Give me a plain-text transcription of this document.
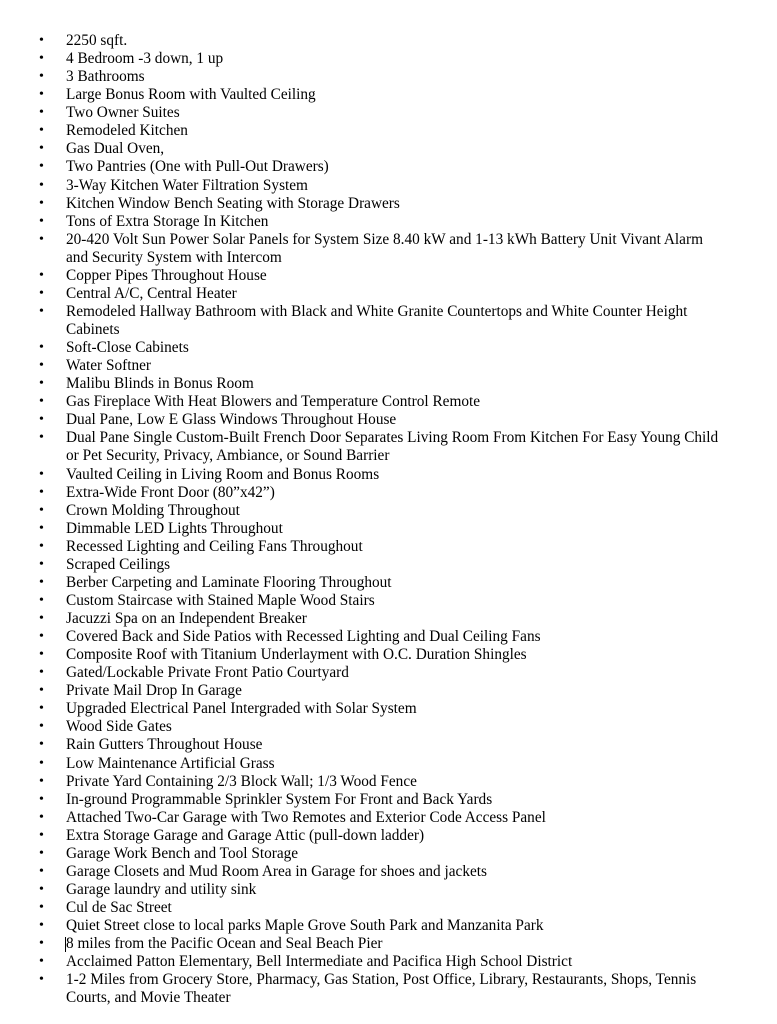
• 2250 sqft.
• 4 Bedroom -3 down, 1 up
• 3 Bathrooms
• Large Bonus Room with Vaulted Ceiling
• Two Owner Suites
• Remodeled Kitchen
• Gas Dual Oven,
• Two Pantries (One with Pull-Out Drawers)
• 3-Way Kitchen Water Filtration System
• Kitchen Window Bench Seating with Storage Drawers
• Tons of Extra Storage In Kitchen
• 20-420 Volt Sun Power Solar Panels for System Size 8.40 kW and 1-13 kWh Battery Unit Vivant Alarm and Security System with Intercom
• Copper Pipes Throughout House
• Central A/C, Central Heater
• Remodeled Hallway Bathroom with Black and White Granite Countertops and White Counter Height Cabinets
• Soft-Close Cabinets
• Water Softner
• Malibu Blinds in Bonus Room
• Gas Fireplace With Heat Blowers and Temperature Control Remote
• Dual Pane, Low E Glass Windows Throughout House
• Dual Pane Single Custom-Built French Door Separates Living Room From Kitchen For Easy Young Child or Pet Security, Privacy, Ambiance, or Sound Barrier
• Vaulted Ceiling in Living Room and Bonus Rooms
• Extra-Wide Front Door (80”x42”)
• Crown Molding Throughout
• Dimmable LED Lights Throughout
• Recessed Lighting and Ceiling Fans Throughout
• Scraped Ceilings
• Berber Carpeting and Laminate Flooring Throughout
• Custom Staircase with Stained Maple Wood Stairs
• Jacuzzi Spa on an Independent Breaker
• Covered Back and Side Patios with Recessed Lighting and Dual Ceiling Fans
• Composite Roof with Titanium Underlayment with O.C. Duration Shingles
• Gated/Lockable Private Front Patio Courtyard
• Private Mail Drop In Garage
• Upgraded Electrical Panel Intergraded with Solar System
• Wood Side Gates
• Rain Gutters Throughout House
• Low Maintenance Artificial Grass
• Private Yard Containing 2/3 Block Wall; 1/3 Wood Fence
• In-ground Programmable Sprinkler System For Front and Back Yards
• Attached Two-Car Garage with Two Remotes and Exterior Code Access Panel
• Extra Storage Garage and Garage Attic (pull-down ladder)
• Garage Work Bench and Tool Storage
• Garage Closets and Mud Room Area in Garage for shoes and jackets
• Garage laundry and utility sink
• Cul de Sac Street
• Quiet Street close to local parks Maple Grove South Park and Manzanita Park
• 8 miles from the Pacific Ocean and Seal Beach Pier
• Acclaimed Patton Elementary, Bell Intermediate and Pacifica High School District
• 1-2 Miles from Grocery Store, Pharmacy, Gas Station, Post Office, Library, Restaurants, Shops, Tennis Courts, and Movie Theater
